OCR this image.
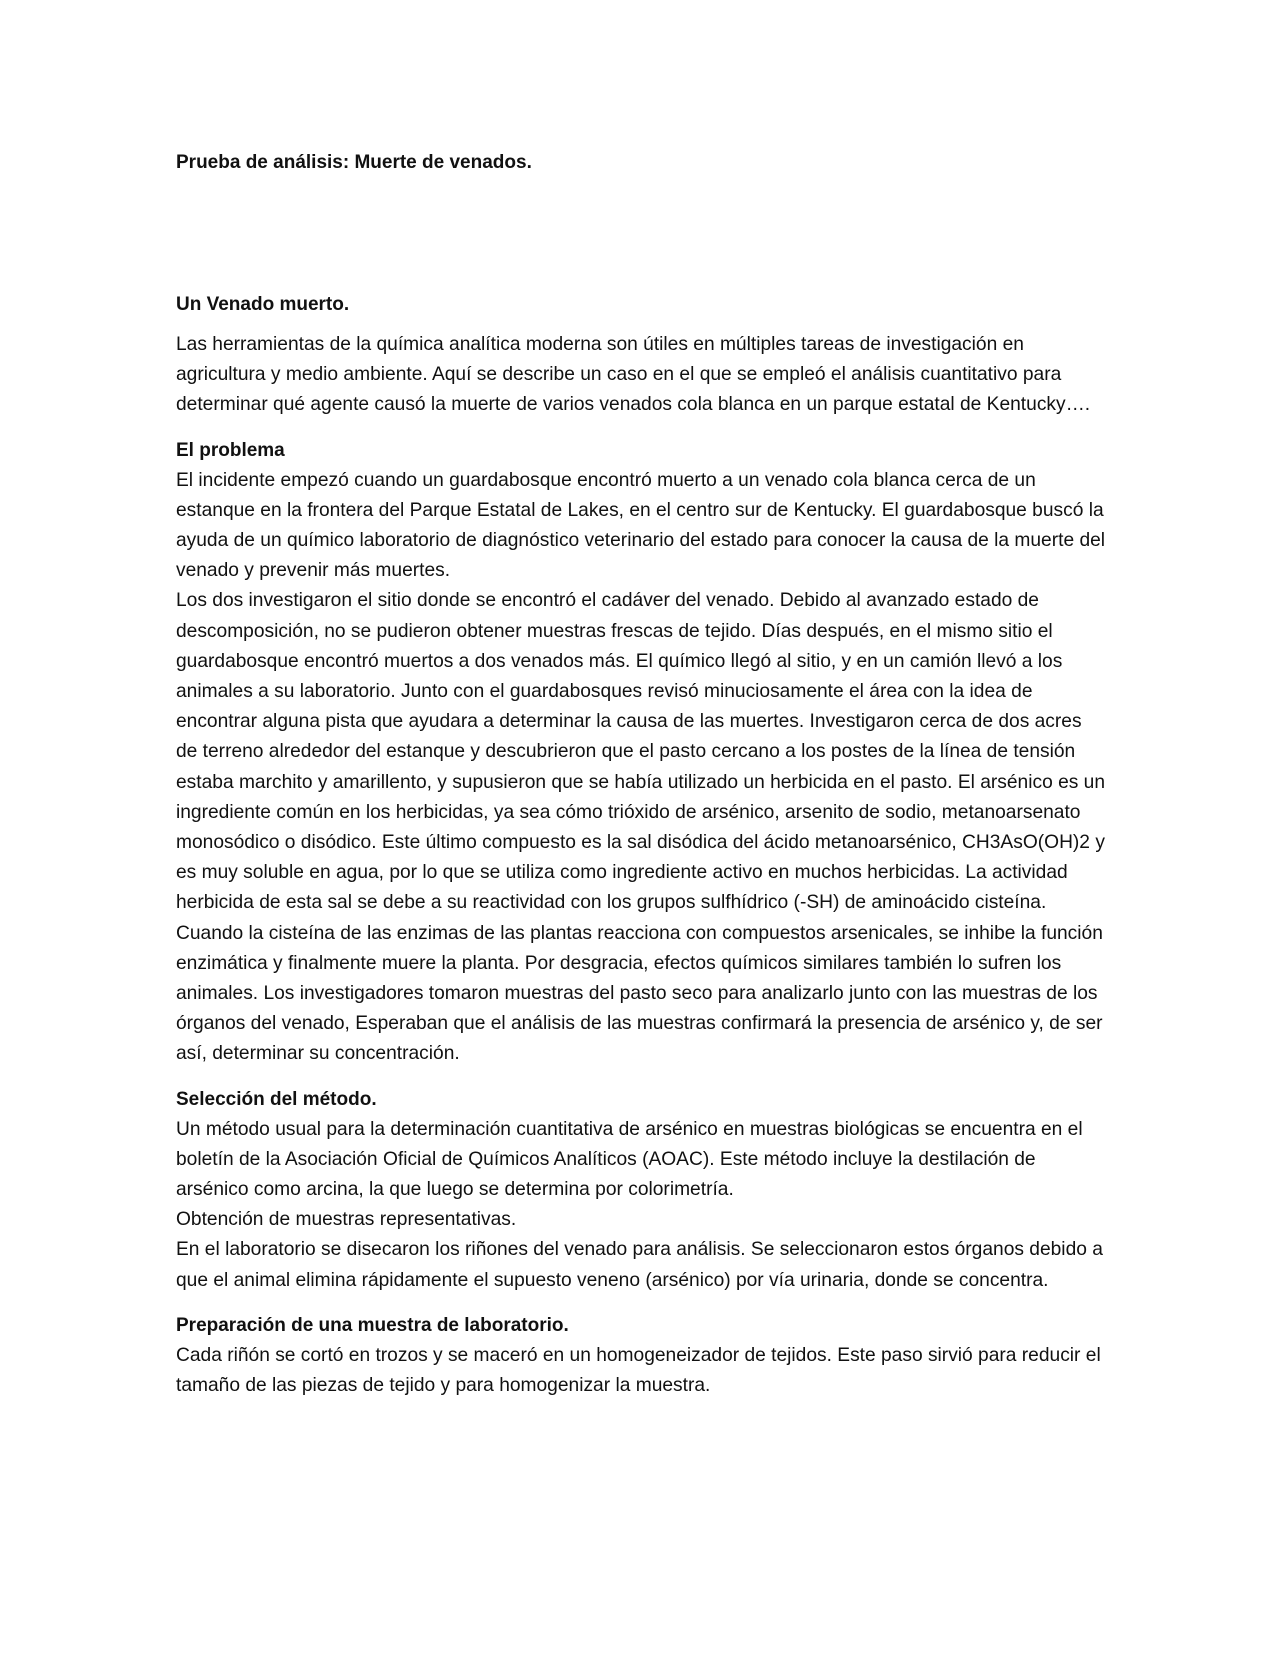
Prueba de análisis: Muerte de venados.

Un Venado muerto.

Las herramientas de la química analítica moderna son útiles en múltiples tareas de investigación en agricultura y medio ambiente. Aquí se describe un caso en el que se empleó el análisis cuantitativo para determinar qué agente causó la muerte de varios venados cola blanca en un parque estatal de Kentucky….

El problema

El incidente empezó cuando un guardabosque encontró muerto a un venado cola blanca cerca de un estanque en la frontera del Parque Estatal de Lakes, en el centro sur de Kentucky. El guardabosque buscó la ayuda de un químico laboratorio de diagnóstico veterinario del estado para conocer la causa de la muerte del venado y prevenir más muertes.

Los dos investigaron el sitio donde se encontró el cadáver del venado. Debido al avanzado estado de descomposición, no se pudieron obtener muestras frescas de tejido. Días después, en el mismo sitio el guardabosque encontró muertos a dos venados más. El químico llegó al sitio, y en un camión llevó a los animales a su laboratorio. Junto con el guardabosques revisó minuciosamente el área con la idea de encontrar alguna pista que ayudara a determinar la causa de las muertes. Investigaron cerca de dos acres de terreno alrededor del estanque y descubrieron que el pasto cercano a los postes de la línea de tensión estaba marchito y amarillento, y supusieron que se había utilizado un herbicida en el pasto. El arsénico es un ingrediente común en los herbicidas, ya sea cómo trióxido de arsénico, arsenito de sodio, metanoarsenato monosódico o disódico. Este último compuesto es la sal disódica del ácido metanoarsénico, CH3AsO(OH)2 y es muy soluble en agua, por lo que se utiliza como ingrediente activo en muchos herbicidas. La actividad herbicida de esta sal se debe a su reactividad con los grupos sulfhídrico (-SH) de aminoácido cisteína. Cuando la cisteína de las enzimas de las plantas reacciona con compuestos arsenicales, se inhibe la función enzimática y finalmente muere la planta. Por desgracia, efectos químicos similares también lo sufren los animales. Los investigadores tomaron muestras del pasto seco para analizarlo junto con las muestras de los órganos del venado, Esperaban que el análisis de las muestras confirmará la presencia de arsénico y, de ser así, determinar su concentración.

Selección del método.

Un método usual para la determinación cuantitativa de arsénico en muestras biológicas se encuentra en el boletín de la Asociación Oficial de Químicos Analíticos (AOAC). Este método incluye la destilación de arsénico como arcina, la que luego se determina por colorimetría.

Obtención de muestras representativas.

En el laboratorio se disecaron los riñones del venado para análisis. Se seleccionaron estos órganos debido a que el animal elimina rápidamente el supuesto veneno (arsénico) por vía urinaria, donde se concentra.

Preparación de una muestra de laboratorio.

Cada riñón se cortó en trozos y se maceró en un homogeneizador de tejidos. Este paso sirvió para reducir el tamaño de las piezas de tejido y para homogenizar la muestra.
